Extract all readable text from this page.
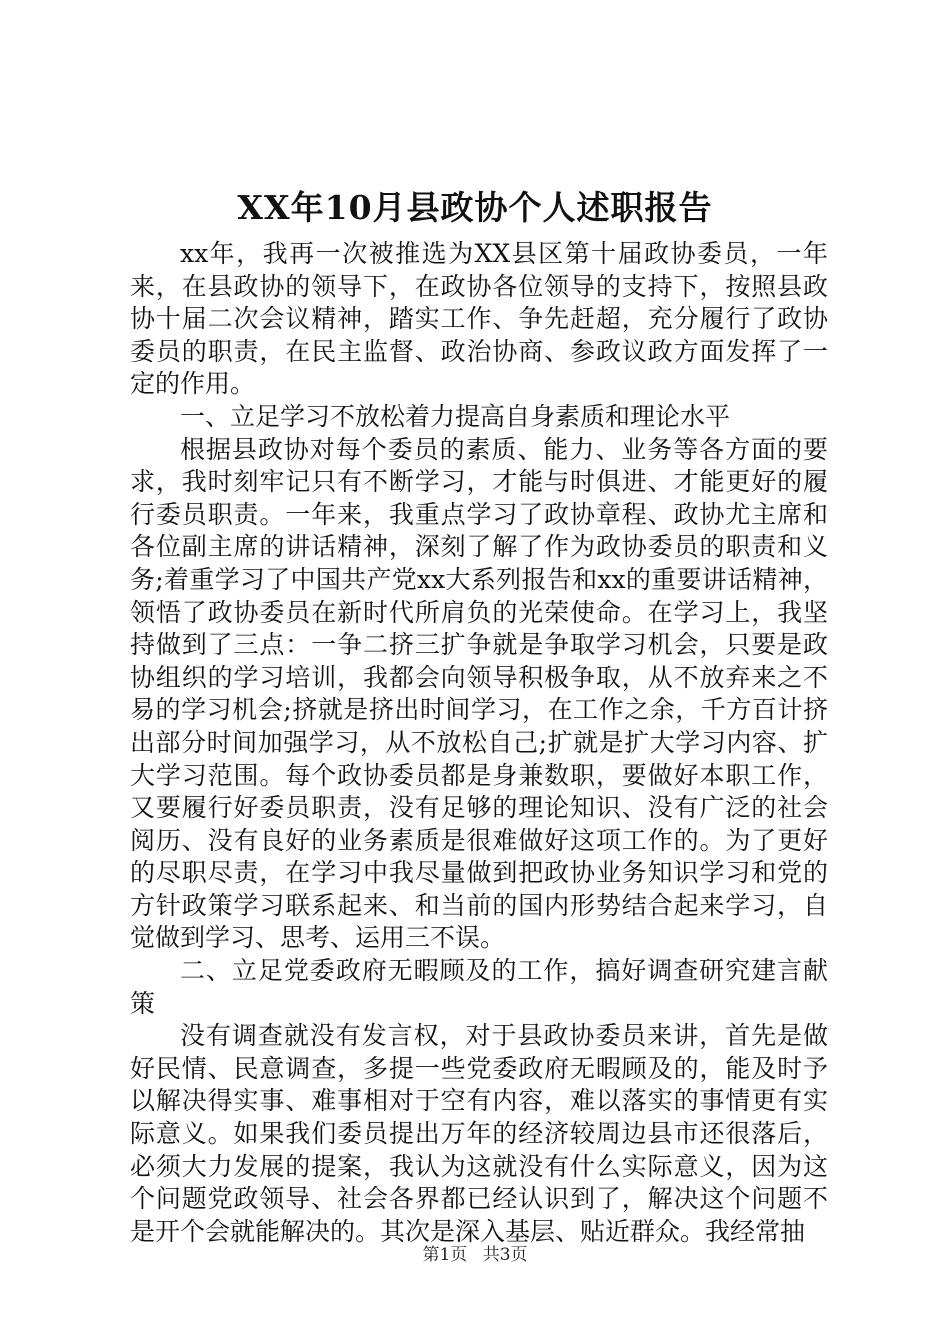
XX年10月县政协个人述职报告

xx年，我再一次被推选为XX县区第十届政协委员，一年来，在县政协的领导下，在政协各位领导的支持下，按照县政协十届二次会议精神，踏实工作、争先赶超，充分履行了政协委员的职责，在民主监督、政治协商、参政议政方面发挥了一定的作用。

一、立足学习不放松着力提高自身素质和理论水平

根据县政协对每个委员的素质、能力、业务等各方面的要求，我时刻牢记只有不断学习，才能与时俱进、才能更好的履行委员职责。一年来，我重点学习了政协章程、政协尤主席和各位副主席的讲话精神，深刻了解了作为政协委员的职责和义务;着重学习了中国共产党xx大系列报告和xx的重要讲话精神，领悟了政协委员在新时代所肩负的光荣使命。在学习上，我坚持做到了三点：一争二挤三扩争就是争取学习机会，只要是政协组织的学习培训，我都会向领导积极争取，从不放弃来之不易的学习机会;挤就是挤出时间学习，在工作之余，千方百计挤出部分时间加强学习，从不放松自己;扩就是扩大学习内容、扩大学习范围。每个政协委员都是身兼数职，要做好本职工作，又要履行好委员职责，没有足够的理论知识、没有广泛的社会阅历、没有良好的业务素质是很难做好这项工作的。为了更好的尽职尽责，在学习中我尽量做到把政协业务知识学习和党的方针政策学习联系起来、和当前的国内形势结合起来学习，自觉做到学习、思考、运用三不误。

二、立足党委政府无暇顾及的工作，搞好调查研究建言献策

没有调查就没有发言权，对于县政协委员来讲，首先是做好民情、民意调查，多提一些党委政府无暇顾及的，能及时予以解决得实事、难事相对于空有内容，难以落实的事情更有实际意义。如果我们委员提出万年的经济较周边县市还很落后，必须大力发展的提案，我认为这就没有什么实际意义，因为这个问题党政领导、社会各界都已经认识到了，解决这个问题不是开个会就能解决的。其次是深入基层、贴近群众。我经常抽

第1页 共3页
